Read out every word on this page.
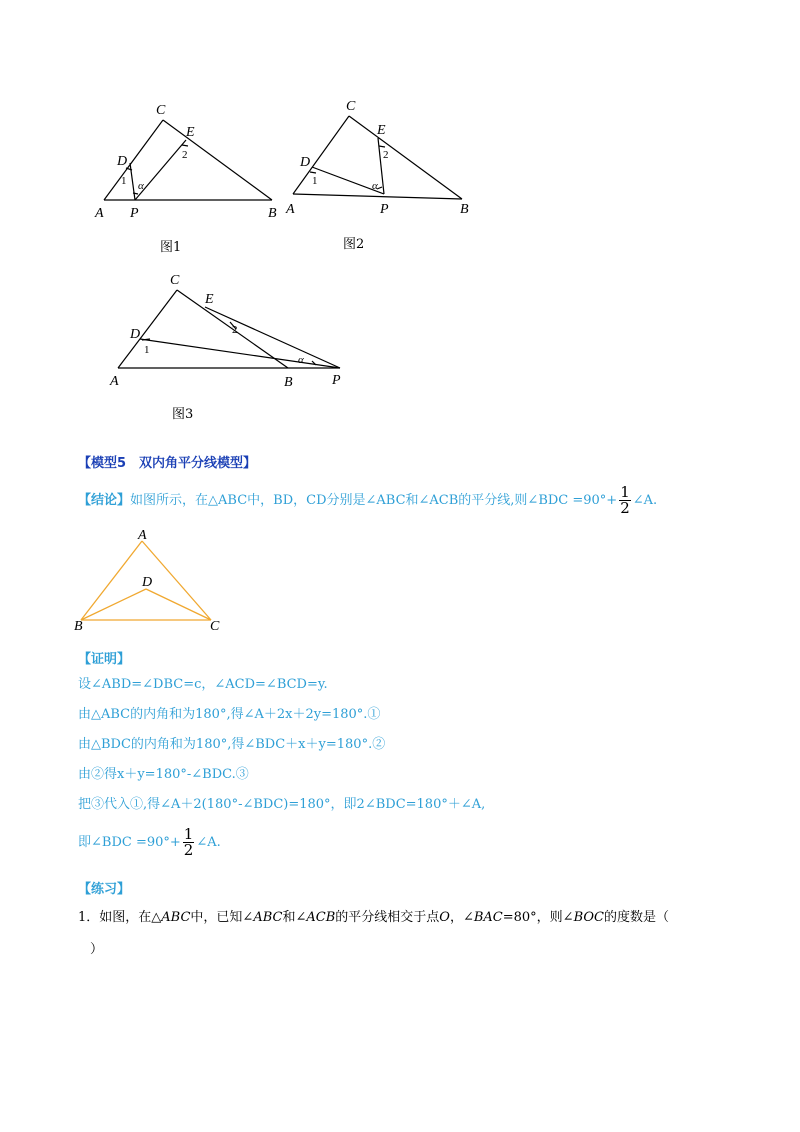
C
E
D
1 α
2
A P	B
C
E
D
1	α
2
A	P	B
图1	图2
C
E
D
1
2
α
A	B	P
图3
【模型5　双内角平分线模型】
【结论】如图所示，在△ABC中，BD，CD分别是∠ABC和∠ACB的平分线,则∠BDC $=90^\circ+ \frac{1}{2}$ ∠A.
A
D
B	C
【证明】
设∠ABD=∠DBC=c，∠ACD=∠BCD=y.
由△ABC的内角和为180°,得∠A＋2x＋2y=180°.①
由△BDC的内角和为180°,得∠BDC＋x＋y=180°.②
由②得x＋y=180°-∠BDC.③
把③代入①,得∠A＋2(180°-∠BDC)=180°，即2∠BDC=180°＋∠A,
即∠BDC $=90^\circ+ \frac{1}{2}$ ∠A.
【练习】
1．如图，在△ABC中，已知∠ABC和∠ACB的平分线相交于点O，∠BAC=80°，则∠BOC的度数是（
）
